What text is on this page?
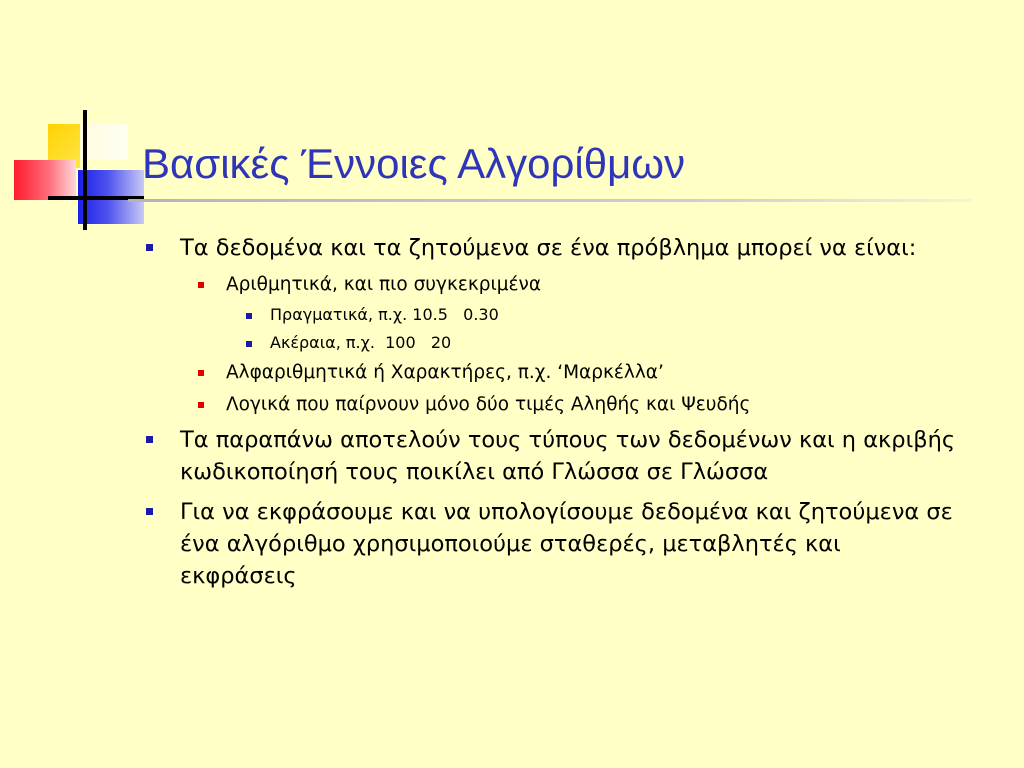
Βασικές Έννοιες Αλγορίθμων
Τα δεδομένα και τα ζητούμενα σε ένα πρόβλημα μπορεί να είναι:
Αριθμητικά, και πιο συγκεκριμένα
Πραγματικά, π.χ. 10.5   0.30
Ακέραια, π.χ.  100   20
Αλφαριθμητικά ή Χαρακτήρες, π.χ. ‘Μαρκέλλα’
Λογικά που παίρνουν μόνο δύο τιμές Αληθής και Ψευδής
Τα παραπάνω αποτελούν τους τύπους των δεδομένων και η ακριβής κωδικοποίησή τους ποικίλει από Γλώσσα σε Γλώσσα
Για να εκφράσουμε και να υπολογίσουμε δεδομένα και ζητούμενα σε ένα αλγόριθμο χρησιμοποιούμε σταθερές, μεταβλητές και εκφράσεις
